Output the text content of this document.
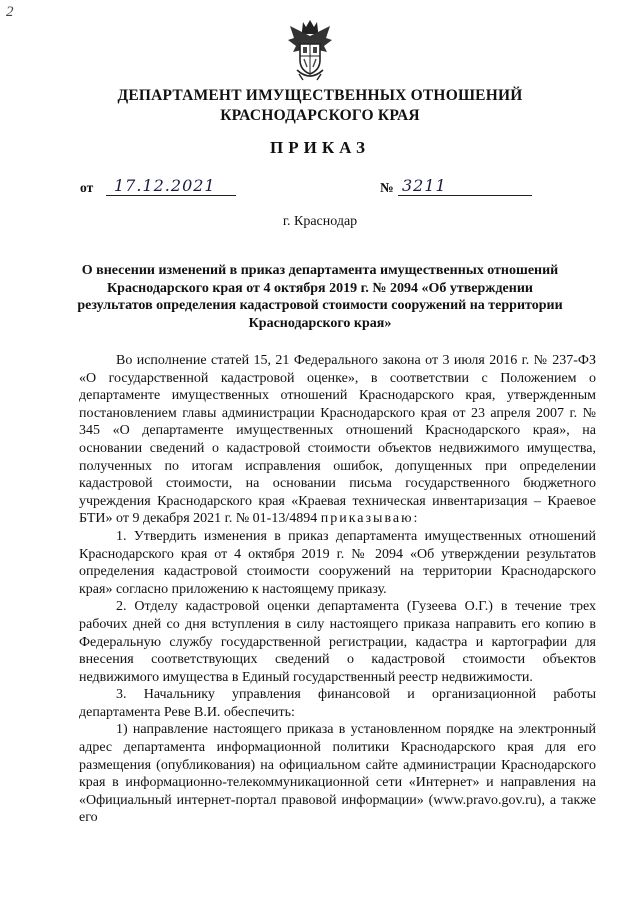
2
ДЕПАРТАМЕНТ ИМУЩЕСТВЕННЫХ ОТНОШЕНИЙ
КРАСНОДАРСКОГО КРАЯ
ПРИКАЗ
от 17.12.2021	№ 3211
г. Краснодар
О внесении изменений в приказ департамента имущественных отношений Краснодарского края от 4 октября 2019 г. № 2094 «Об утверждении результатов определения кадастровой стоимости сооружений на территории Краснодарского края»

Во исполнение статей 15, 21 Федерального закона от 3 июля 2016 г. № 237-ФЗ «О государственной кадастровой оценке», в соответствии с Положением о департаменте имущественных отношений Краснодарского края, утвержденным постановлением главы администрации Краснодарского края от 23 апреля 2007 г. № 345 «О департаменте имущественных отношений Краснодарского края», на основании сведений о кадастровой стоимости объектов недвижимого имущества, полученных по итогам исправления ошибок, допущенных при определении кадастровой стоимости, на основании письма государственного бюджетного учреждения Краснодарского края «Краевая техническая инвентаризация – Краевое БТИ» от 9 декабря 2021 г. № 01-13/4894 приказываю:

1. Утвердить изменения в приказ департамента имущественных отношений Краснодарского края от 4 октября 2019 г. № 2094 «Об утверждении результатов определения кадастровой стоимости сооружений на территории Краснодарского края» согласно приложению к настоящему приказу.

2. Отделу кадастровой оценки департамента (Гузеева О.Г.) в течение трех рабочих дней со дня вступления в силу настоящего приказа направить его копию в Федеральную службу государственной регистрации, кадастра и картографии для внесения соответствующих сведений о кадастровой стоимости объектов недвижимого имущества в Единый государственный реестр недвижимости.

3. Начальнику управления финансовой и организационной работы департамента Реве В.И. обеспечить:

1) направление настоящего приказа в установленном порядке на электронный адрес департамента информационной политики Краснодарского края для его размещения (опубликования) на официальном сайте администрации Краснодарского края в информационно-телекоммуникационной сети «Интернет» и направления на «Официальный интернет-портал правовой информации» (www.pravo.gov.ru), а также его
